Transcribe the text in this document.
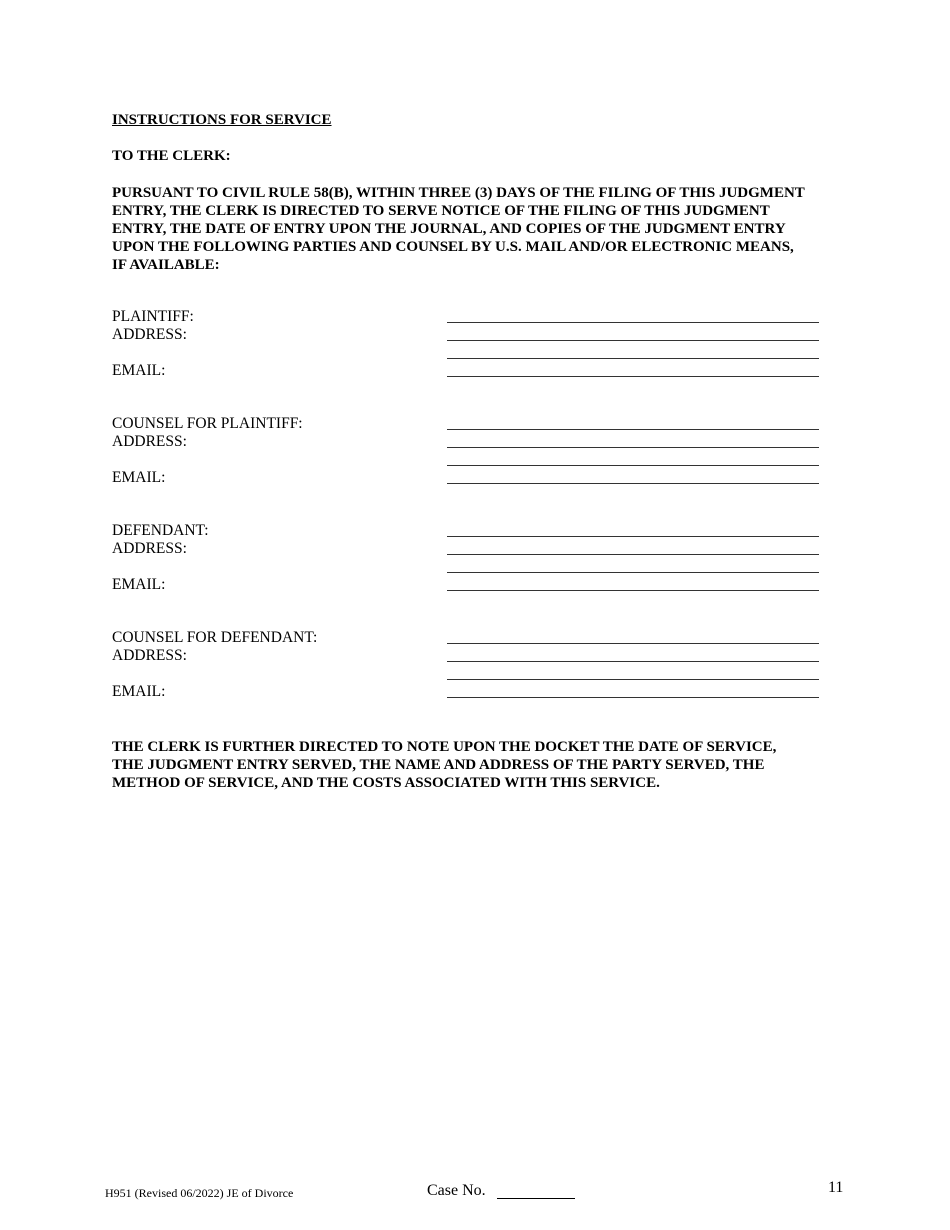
INSTRUCTIONS FOR SERVICE
TO THE CLERK:
PURSUANT TO CIVIL RULE 58(B), WITHIN THREE (3) DAYS OF THE FILING OF THIS JUDGMENT
ENTRY, THE CLERK IS DIRECTED TO SERVE NOTICE OF THE FILING OF THIS JUDGMENT
ENTRY, THE DATE OF ENTRY UPON THE JOURNAL, AND COPIES OF THE JUDGMENT ENTRY
UPON THE FOLLOWING PARTIES AND COUNSEL BY U.S. MAIL AND/OR ELECTRONIC MEANS,
IF AVAILABLE:
PLAINTIFF:
ADDRESS:
EMAIL:
COUNSEL FOR PLAINTIFF:
ADDRESS:
EMAIL:
DEFENDANT:
ADDRESS:
EMAIL:
COUNSEL FOR DEFENDANT:
ADDRESS:
EMAIL:
THE CLERK IS FURTHER DIRECTED TO NOTE UPON THE DOCKET THE DATE OF SERVICE,
THE JUDGMENT ENTRY SERVED, THE NAME AND ADDRESS OF THE PARTY SERVED, THE
METHOD OF SERVICE, AND THE COSTS ASSOCIATED WITH THIS SERVICE.
H951 (Revised 06/2022) JE of Divorce	Case No.	11
